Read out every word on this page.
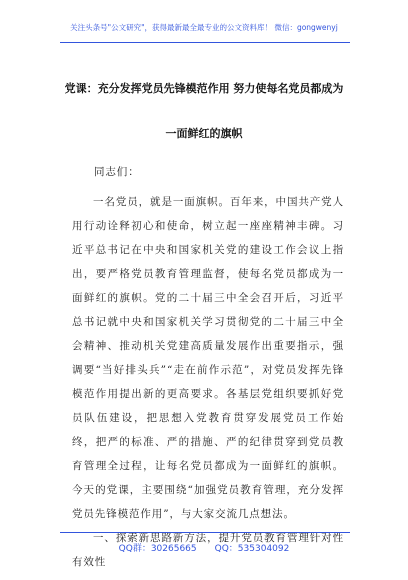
关注头条号"公文研究"，获得最新最全最专业的公文资料库！ 微信：gongwenyj
党课：充分发挥党员先锋模范作用 努力使每名党员都成为
一面鲜红的旗帜

同志们：

一名党员，就是一面旗帜。百年来，中国共产党人用行动诠释初心和使命，树立起一座座精神丰碑。习近平总书记在中央和国家机关党的建设工作会议上指出，要严格党员教育管理监督，使每名党员都成为一面鲜红的旗帜。党的二十届三中全会召开后，习近平总书记就中央和国家机关学习贯彻党的二十届三中全会精神、推动机关党建高质量发展作出重要指示，强调要“当好排头兵”“走在前作示范”，对党员发挥先锋模范作用提出新的更高要求。各基层党组织要抓好党员队伍建设，把思想入党教育贯穿发展党员工作始终，把严的标准、严的措施、严的纪律贯穿到党员教育管理全过程，让每名党员都成为一面鲜红的旗帜。今天的党课，主要围绕“加强党员教育管理，充分发挥党员先锋模范作用”，与大家交流几点想法。

一、探索新思路新方法，提升党员教育管理针对性有效性

QQ群：30265665 QQ：535304092
